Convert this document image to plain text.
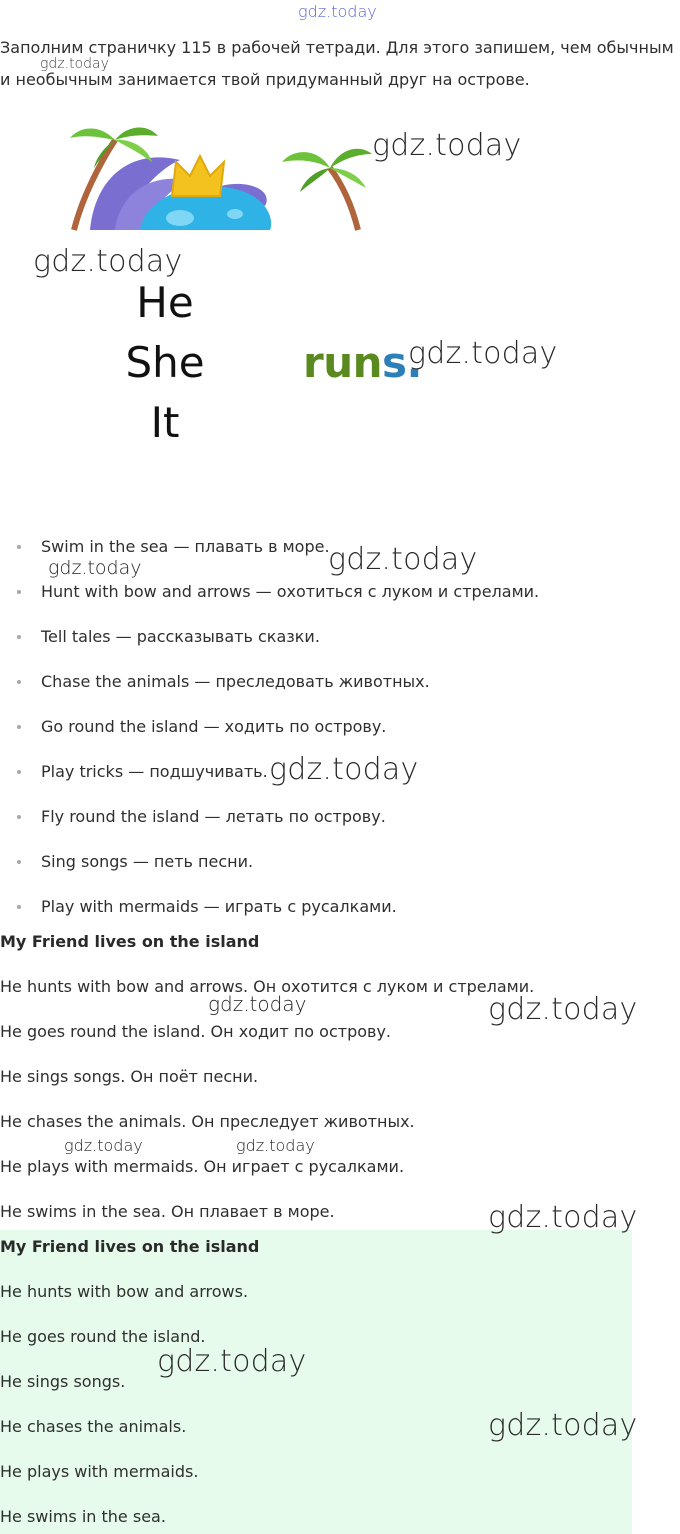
gdz.today

Заполним страничку 115 в рабочей тетради. Для этого запишем, чем обычным и необычным занимается твой придуманный друг на острове.

gdz.today
gdz.today
gdz.today
He
She
It
runs.
gdz.today
Swim in the sea — плавать в море.
Hunt with bow and arrows — охотиться с луком и стрелами.
Tell tales — рассказывать сказки.
Chase the animals — преследовать животных.
Go round the island — ходить по острову.
Play tricks — подшучивать.
Fly round the island — летать по острову.
Sing songs — петь песни.
Play with mermaids — играть с русалками.
gdz.today
gdz.today
gdz.today
My Friend lives on the island
He hunts with bow and arrows. Он охотится с луком и стрелами.
He goes round the island. Он ходит по острову.
He sings songs. Он поёт песни.
He chases the animals. Он преследует животных.
He plays with mermaids. Он играет с русалками.
He swims in the sea. Он плавает в море.
gdz.today	gdz.today
gdz.today	gdz.today
gdz.today
My Friend lives on the island
He hunts with bow and arrows.
He goes round the island.
He sings songs.
He chases the animals.
He plays with mermaids.
He swims in the sea.
gdz.today
gdz.today
